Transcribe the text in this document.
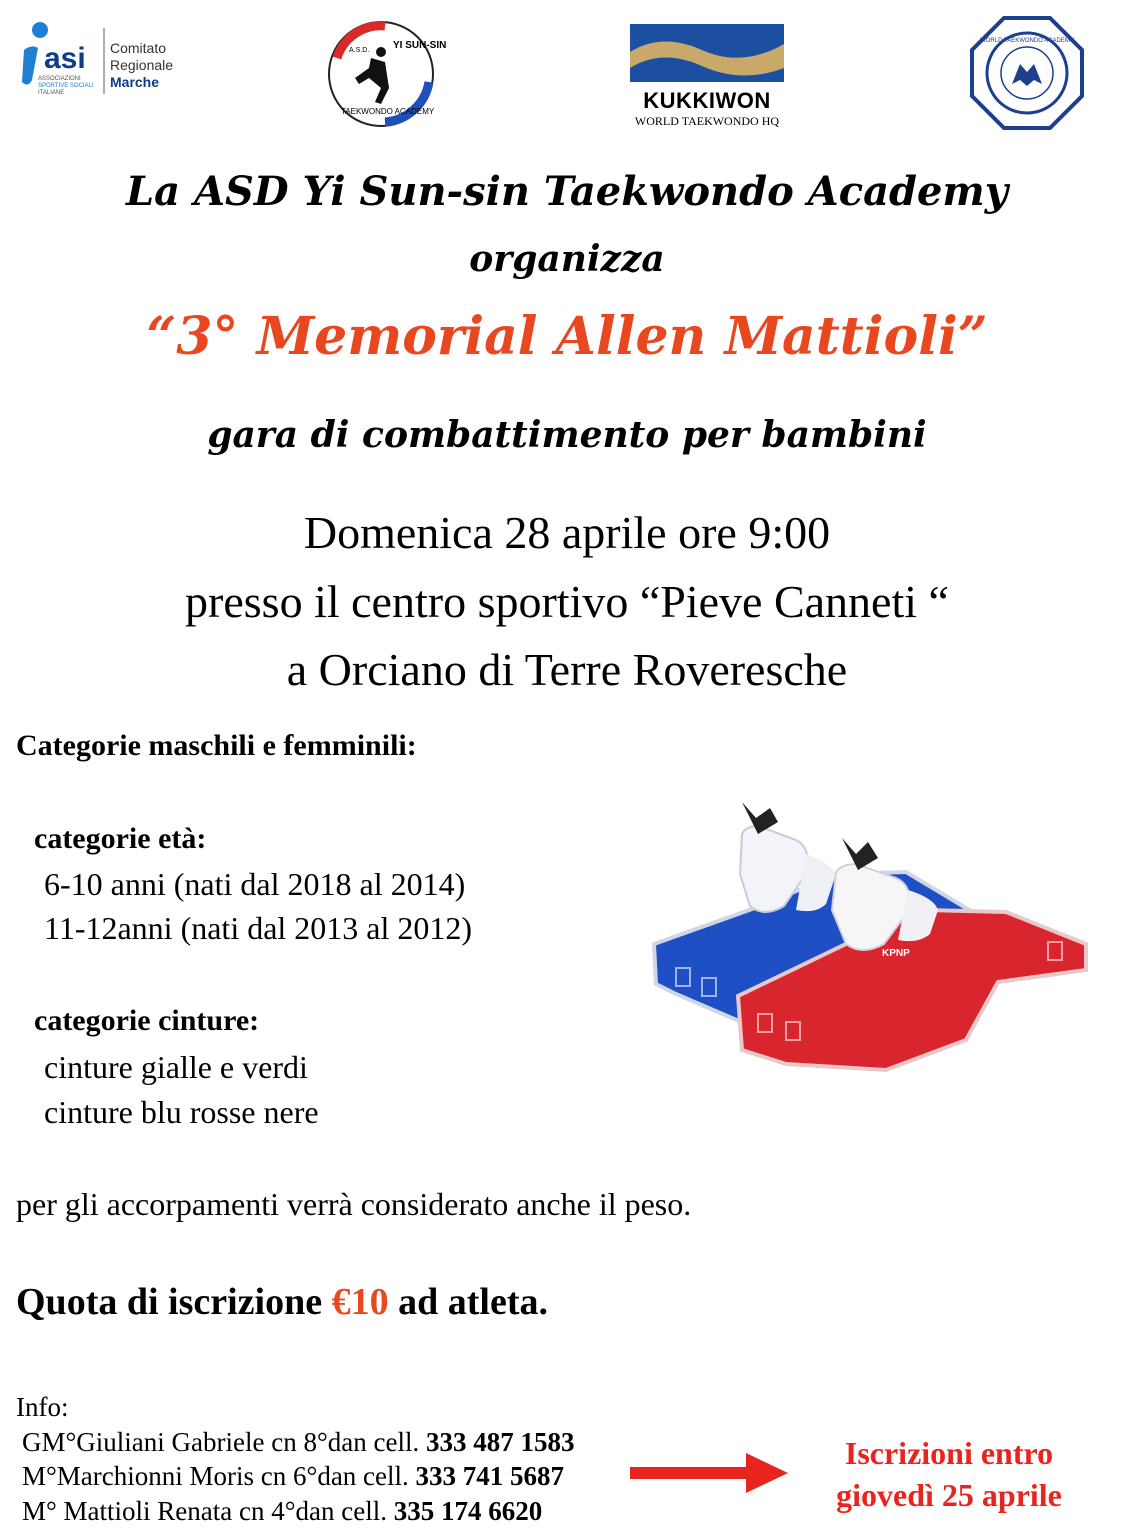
asi
ASSOCIAZIONI
SPORTIVE SOCIALI
ITALIANE
Comitato
Regionale
Marche
YI SUN-SIN
TAEKWONDO ACADEMY
A.S.D.
KUKKIWON
WORLD TAEKWONDO HQ
WORLD TAEKWONDO ACADEMY
La ASD Yi Sun-sin Taekwondo Academy
organizza
“3° Memorial Allen Mattioli”
gara di combattimento per bambini
Domenica 28 aprile ore 9:00
presso il centro sportivo “Pieve Canneti “
a Orciano di Terre Roveresche
Categorie maschili e femminili:
categorie età:
6-10 anni (nati dal 2018 al 2014)
11-12anni (nati dal 2013 al 2012)
categorie cinture:
cinture gialle e verdi
cinture blu rosse nere
KPNP
per gli accorpamenti verrà considerato anche il peso.
Quota di iscrizione €10 ad atleta.
Info:
GM°Giuliani Gabriele cn 8°dan cell. 333 487 1583
M°Marchionni Moris cn 6°dan cell. 333 741 5687
M° Mattioli Renata cn 4°dan cell. 335 174 6620
Iscrizioni entro
giovedì 25 aprile
